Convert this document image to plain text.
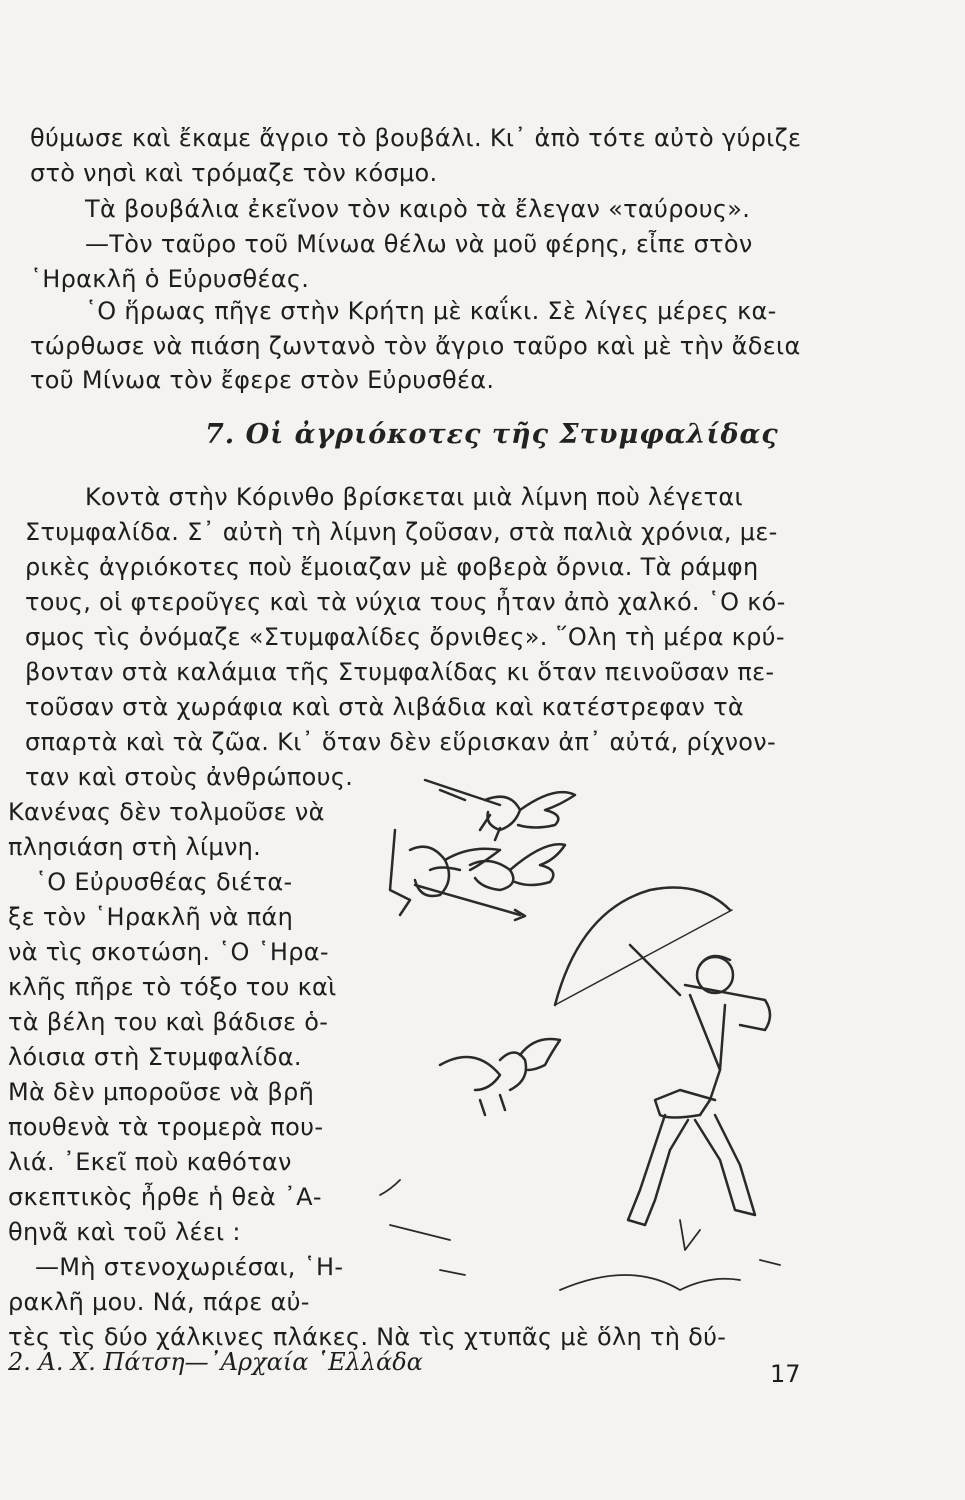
θύμωσε καὶ ἔκαμε ἄγριο τὸ βουβάλι. Κι᾽ ἀπὸ τότε αὐτὸ γύριζε
στὸ νησὶ καὶ τρόμαζε τὸν κόσμο.
Τὰ βουβάλια ἐκεῖνον τὸν καιρὸ τὰ ἔλεγαν «ταύρους».
—Τὸν ταῦρο τοῦ Μίνωα θέλω νὰ μοῦ φέρης, εἶπε στὸν
῾Ηρακλῆ ὁ Εὐρυσθέας.
῾Ο ἥρωας πῆγε στὴν Κρήτη μὲ καΐκι. Σὲ λίγες μέρες κα-
τώρθωσε νὰ πιάση ζωντανὸ τὸν ἄγριο ταῦρο καὶ μὲ τὴν ἄδεια
τοῦ Μίνωα τὸν ἔφερε στὸν Εὐρυσθέα.
7. Οἱ ἀγριόκοτες τῆς Στυμφαλίδας
Κοντὰ στὴν Κόρινθο βρίσκεται μιὰ λίμνη ποὺ λέγεται
Στυμφαλίδα. Σ᾽ αὐτὴ τὴ λίμνη ζοῦσαν, στὰ παλιὰ χρόνια, με-
ρικὲς ἀγριόκοτες ποὺ ἔμοιαζαν μὲ φοβερὰ ὄρνια. Τὰ ράμφη
τους, οἱ φτεροῦγες καὶ τὰ νύχια τους ἦταν ἀπὸ χαλκό. ῾Ο κό-
σμος τὶς ὀνόμαζε «Στυμφαλίδες ὄρνιθες». ῞Ολη τὴ μέρα κρύ-
βονταν στὰ καλάμια τῆς Στυμφαλίδας κι ὅταν πεινοῦσαν πε-
τοῦσαν στὰ χωράφια καὶ στὰ λιβάδια καὶ κατέστρεφαν τὰ
σπαρτὰ καὶ τὰ ζῶα. Κι᾽ ὅταν δὲν εὕρισκαν ἀπ᾽ αὐτά, ρίχνον-
ταν καὶ στοὺς ἀνθρώπους.
Κανένας δὲν τολμοῦσε νὰ
πλησιάση στὴ λίμνη.
῾Ο Εὐρυσθέας διέτα-
ξε τὸν ῾Ηρακλῆ νὰ πάη
νὰ τὶς σκοτώση. ῾Ο ῾Ηρα-
κλῆς πῆρε τὸ τόξο του καὶ
τὰ βέλη του καὶ βάδισε ὁ-
λόισια στὴ Στυμφαλίδα.
Μὰ δὲν μποροῦσε νὰ βρῆ
πουθενὰ τὰ τρομερὰ που-
λιά. ᾽Εκεῖ ποὺ καθόταν
σκεπτικὸς ἦρθε ἡ θεὰ ᾽Α-
θηνᾶ καὶ τοῦ λέει :
—Μὴ στενοχωριέσαι, ῾Η-
ρακλῆ μου. Νά, πάρε αὐ-
τὲς τὶς δύο χάλκινες πλάκες. Νὰ τὶς χτυπᾶς μὲ ὅλη τὴ δύ-
2. Α. Χ. Πάτση—᾽Αρχαία ῾Ελλάδα	17
